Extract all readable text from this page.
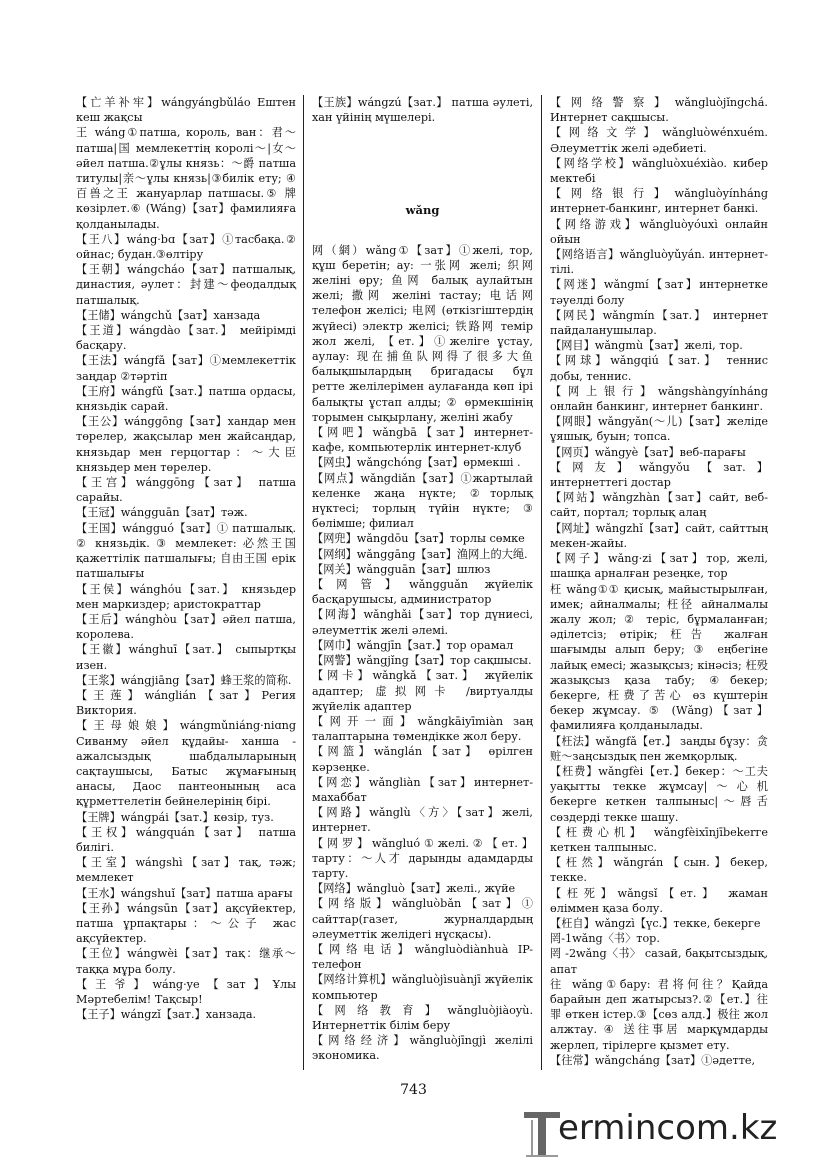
【亡羊补牢】wángyángbǔláo Ештен кеш жақсы

王 wáng①патша, король, ван：君～патша|国 мемлекеттің королі～|女～әйел патша.②ұлы князь：～爵 патша титулы|亲～ұлы князь|③билік ету; ④百兽之王 жануарлар патшасы.⑤ 牌 көзірлет.⑥ (Wáng)【зат】фамилияға қолданылады.

【王八】wáng·bɑ【зат】①тасбақа.② ойнас; будан.③өлтіру

【王朝】wángcháo【зат】патшалық, династия, әулет：封建～феодалдық патшалық.

【王储】wángchǔ【зат】ханзада

【王道】wángdào【зат.】 мейірімді басқару.

【王法】wángfǎ【зат】①мемлекеттік заңдар ②тәртіп

【王府】wángfǔ【зат.】патша ордасы, князьдік сарай.

【王公】wánggōng【зат】хандар мен төрелер, жақсылар мен жайсаңдар, князьдар мен герцогтар：～大臣 князьдер мен төрелер.

【王宫】wánggōng【зат】 патша сарайы.

【王冠】wángguān【зат】тәж.

【王国】wángguó【зат】① патшалық. ② князьдік. ③ мемлекет: 必然王国 қажеттілік патшалығы; 自由王国 ерік патшалығы

【王侯】wánghóu【зат.】 князьдер мен маркиздер; аристократтар

【王后】wánghòu【зат】әйел патша, королева.

【王徽】wánghuī【зат.】 сыпыртқы изен.

【王浆】wángjiāng【зат】蜂王浆的简称.

【王莲】wánglián【зат】Регия Виктория.

【王母娘娘】wángmǔniáng·niɑng Сиванму әйел құдайы- ханша - ажалсыздық шабдалыларының сақтаушысы, Батыс жұмағының анасы, Даос пантеонының аса құрметтелетін бейнелерінің бірі.

【王牌】wángpái【зат.】көзір, туз.

【王权】wángquán【зат】 патша билігі.

【王室】wángshì【зат】тақ, тәж; мемлекет

【王水】wángshuǐ【зат】патша арағы

【王孙】wángsūn【зат】ақсүйектер, патша ұрпақтары：～公子 жас ақсүйектер.

【王位】wángwèi【зат】тақ：继承～таққа мұра болу.

【王爷】wáng·ye【зат】Ұлы Мәртебелім! Тақсыр!

【王子】wángzǐ【зат.】ханзада.

【王族】wángzú【зат.】 патша әулеті, хан үйінің мүшелері.

wǎng

网（網）wǎng①【зат】①желі, тор, құш беретін; ау: 一张网 желі; 织网 желіні өру; 鱼网 балық аулайтын желі; 撒网 желіні тастау; 电话网 телефон желісі; 电网 (өткізгіштердің жүйесі) электр желісі; 铁路网 темір жол желі, 【ет.】①желіге ұстау, аулау: 现在捕鱼队网得了很多大鱼 балықшылардың бригадасы бұл ретте желілерімен аулағанда көп ірі балықты ұстап алды; ② өрмекшінің торымен сықырлану, желіні жабу

【网吧】wǎngbā【зат】интернет-кафе, компьютерлік интернет-клуб

【网虫】wǎngchóng【зат】өрмекші .

【网点】wǎngdiǎn【зат】①жартылай келенке жаңа нүкте; ②торлық нүктесі; торлың түйін нүкте; ③ бөлімше; филиал

【网兜】wǎngdōu【зат】торлы сөмке

【网纲】wǎnggāng【зат】渔网上的大绳.

【网关】wǎngguān【зат】шлюз

【网管】wǎngguǎn жүйелік басқарушысы, администратор

【网海】wǎnghǎi【зат】тор дүниесі, әлеуметтік желі әлемі.

【网巾】wǎngjīn【зат.】тор орамал

【网警】wǎngjǐng【зат】тор сақшысы.

【网卡】wǎngkǎ【зат.】 жүйелік адаптер; 虚拟网卡 /виртуалды жүйелік адаптер

【网开一面】wǎngkāiyīmiàn заң талаптарына төмендікке жол беру.

【网篮】wǎnglán【зат】 өрілген кәрзеңке.

【网恋】wǎngliàn【зат】интернет-махаббат

【网路】wǎnglù〈方〉【зат】желі, интернет.

【网罗】wǎngluó①желі.②【ет.】тарту：～人才 дарынды адамдарды тарту.

【网络】wǎngluò【зат】желі., жүйе

【网络版】wǎngluòbǎn【зат】① сайттар(газет, журналдардың әлеуметтік желідегі нұсқасы).

【网络电话】wǎngluòdiànhuà IP-телефон

【网络计算机】wǎngluòjìsuànjī жүйелік компьютер

【网络教育】wǎngluòjiàoyù. Интернеттік білім беру

【网络经济】wǎngluòjīngjì желілі экономика.

【网络警察】wǎngluòjǐngchá. Интернет сақшысы.

【网络文学】wǎngluòwénxuém. Әлеуметтік желі әдебиеті.

【网络学校】wǎngluòxuéxiào. кибер мектебі

【网络银行】wǎngluòyínháng интернет-банкинг, интернет банкі.

【网络游戏】wǎngluòyóuxì онлайн ойын

【网络语言】wǎngluòyǔyán. интернет-тілі.

【网迷】wǎngmí【зат】интернетке тәуелді болу

【网民】wǎngmín【зат.】 интернет пайдаланушылар.

【网目】wǎngmù【зат】желі, тор.

【网球】wǎngqiú【зат.】 теннис добы, теннис.

【网上银行】wǎngshàngyínháng онлайн банкинг, интернет банкинг.

【网眼】wǎngyǎn(～儿)【зат】желіде ұяшық, буын; топса.

【网页】wǎngyè【зат】веб-парағы

【网友】wǎngyǒu【зат.】 интернеттегі достар

【网站】wǎngzhàn【зат】сайт, веб-сайт, портал; торлық алаң

【网址】wǎngzhǐ【зат】сайт, сайттың мекен-жайы.

【网子】wǎng·zi【зат】тор, желі, шашқа арналған резеңке, тор

枉 wǎng①① қисық, майыстырылған, имек; айналмалы; 枉径 айналмалы жалу жол; ② теріс, бұрмаланған; әділетсіз; өтірік; 枉告 жалған шағымды алып беру; ③ еңбегіне лайық емесі; жазықсыз; кінәсіз; 枉殁 жазықсыз қаза табу; ④бекер; бекерге, 枉费了苦心 өз күштерін бекер жұмсау. ⑤ (Wǎng)【зат】фамилияға қолданылады.

【枉法】wǎngfǎ【ет.】 заңды бұзу：贪赃～заңсыздық пен жемқорлық.

【枉费】wǎngfèi【ет.】бекер：～工夫уақытты текке жұмсау|～心机 бекерге кеткен талпыныс|～唇舌 сөздерді текке шашу.

【枉费心机】 wǎngfèixīnjībekerге кеткен талпыныс.

【枉然】wǎngrán【сын.】бекер, текке.

【枉死】wǎngsǐ【ет.】 жаман өліммен қаза болу.

【枉自】wǎngzì【үс.】текке, бекерге

罔-1wǎng〈书〉тор.

罔 -2wǎng〈书〉 сазай, бақытсыздық, апат

往 wǎng①барy: 君将何往？Қайда барайын деп жатырсыз?.②【ет.】往罪 өткен істер.③【сөз алд.】极往 жол алжтау. ④ 送往事居 марқұмдарды жерлеп, тірілерге қызмет ету.

【往常】wǎngcháng【зат】①әдетте,

743
ermincom.kz
